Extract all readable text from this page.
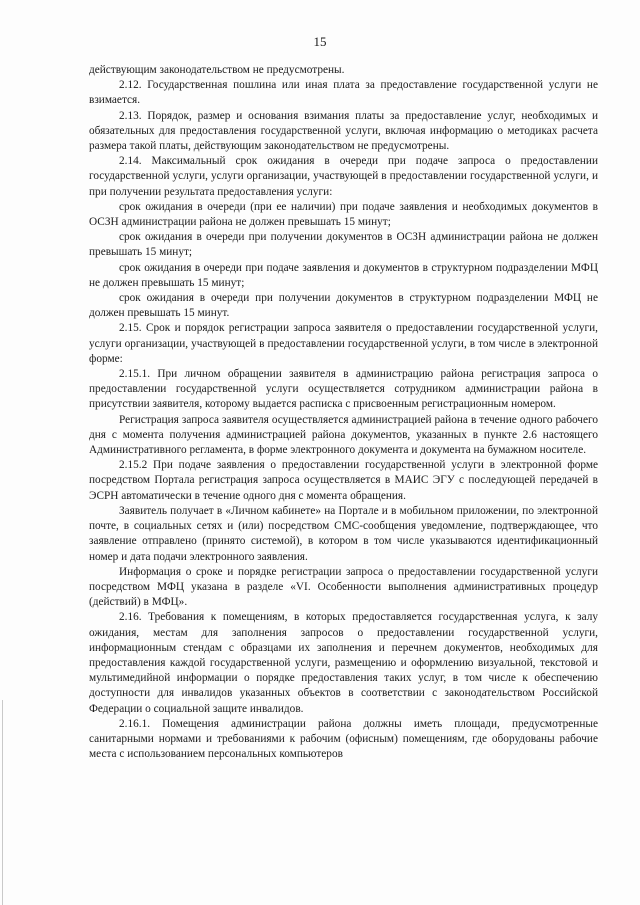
15

действующим законодательством не предусмотрены.

2.12. Государственная пошлина или иная плата за предоставление государственной услуги не взимается.

2.13. Порядок, размер и основания взимания платы за предоставление услуг, необходимых и обязательных для предоставления государственной услуги, включая информацию о методиках расчета размера такой платы, действующим законодательством не предусмотрены.

2.14. Максимальный срок ожидания в очереди при подаче запроса о предоставлении государственной услуги, услуги организации, участвующей в предоставлении государственной услуги, и при получении результата предоставления услуги:

срок ожидания в очереди (при ее наличии) при подаче заявления и необходимых документов в ОСЗН администрации района не должен превышать 15 минут;

срок ожидания в очереди при получении документов в ОСЗН администрации района не должен превышать 15 минут;

срок ожидания в очереди при подаче заявления и документов в структурном подразделении МФЦ не должен превышать 15 минут;

срок ожидания в очереди при получении документов в структурном подразделении МФЦ не должен превышать 15 минут.

2.15. Срок и порядок регистрации запроса заявителя о предоставлении государственной услуги, услуги организации, участвующей в предоставлении государственной услуги, в том числе в электронной форме:

2.15.1. При личном обращении заявителя в администрацию района регистрация запроса о предоставлении государственной услуги осуществляется сотрудником администрации района в присутствии заявителя, которому выдается расписка с присвоенным регистрационным номером.

Регистрация запроса заявителя осуществляется администрацией района в течение одного рабочего дня с момента получения администрацией района документов, указанных в пункте 2.6 настоящего Административного регламента, в форме электронного документа и документа на бумажном носителе.

2.15.2 При подаче заявления о предоставлении государственной услуги в электронной форме посредством Портала регистрация запроса осуществляется в МАИС ЭГУ с последующей передачей в ЭСРН автоматически в течение одного дня с момента обращения.

Заявитель получает в «Личном кабинете» на Портале и в мобильном приложении, по электронной почте, в социальных сетях и (или) посредством СМС-сообщения уведомление, подтверждающее, что заявление отправлено (принято системой), в котором в том числе указываются идентификационный номер и дата подачи электронного заявления.

Информация о сроке и порядке регистрации запроса о предоставлении государственной услуги посредством МФЦ указана в разделе «VI. Особенности выполнения административных процедур (действий) в МФЦ».

2.16. Требования к помещениям, в которых предоставляется государственная услуга, к залу ожидания, местам для заполнения запросов о предоставлении государственной услуги, информационным стендам с образцами их заполнения и перечнем документов, необходимых для предоставления каждой государственной услуги, размещению и оформлению визуальной, текстовой и мультимедийной информации о порядке предоставления таких услуг, в том числе к обеспечению доступности для инвалидов указанных объектов в соответствии с законодательством Российской Федерации о социальной защите инвалидов.

2.16.1. Помещения администрации района должны иметь площади, предусмотренные санитарными нормами и требованиями к рабочим (офисным) помещениям, где оборудованы рабочие места с использованием персональных компьютеров
